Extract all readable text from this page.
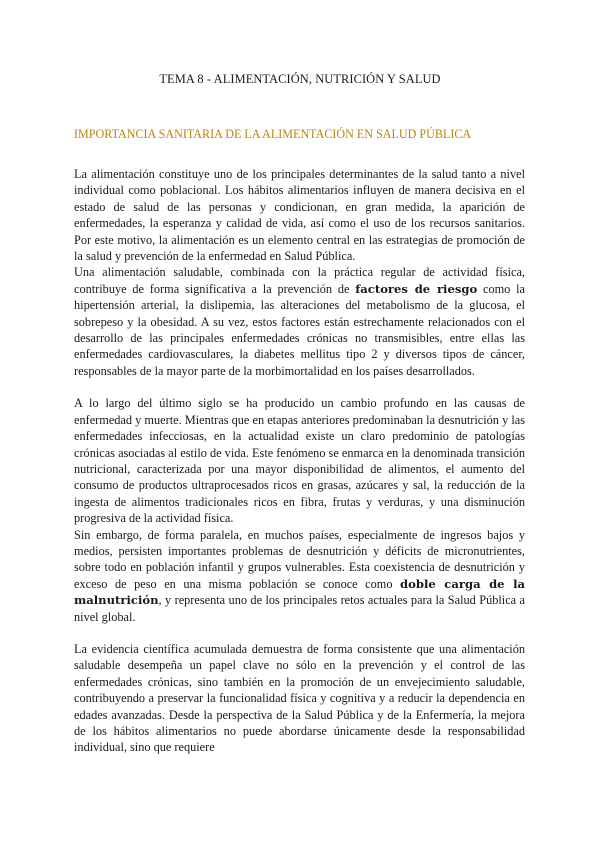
TEMA 8 - ALIMENTACIÓN, NUTRICIÓN Y SALUD
IMPORTANCIA SANITARIA DE LA ALIMENTACIÓN EN SALUD PÚBLICA

La alimentación constituye uno de los principales determinantes de la salud tanto a nivel individual como poblacional. Los hábitos alimentarios influyen de manera decisiva en el estado de salud de las personas y condicionan, en gran medida, la aparición de enfermedades, la esperanza y calidad de vida, así como el uso de los recursos sanitarios. Por este motivo, la alimentación es un elemento central en las estrategias de promoción de la salud y prevención de la enfermedad en Salud Pública.

Una alimentación saludable, combinada con la práctica regular de actividad física, contribuye de forma significativa a la prevención de factores de riesgo como la hipertensión arterial, la dislipemia, las alteraciones del metabolismo de la glucosa, el sobrepeso y la obesidad. A su vez, estos factores están estrechamente relacionados con el desarrollo de las principales enfermedades crónicas no transmisibles, entre ellas las enfermedades cardiovasculares, la diabetes mellitus tipo 2 y diversos tipos de cáncer, responsables de la mayor parte de la morbimortalidad en los países desarrollados.

A lo largo del último siglo se ha producido un cambio profundo en las causas de enfermedad y muerte. Mientras que en etapas anteriores predominaban la desnutrición y las enfermedades infecciosas, en la actualidad existe un claro predominio de patologías crónicas asociadas al estilo de vida. Este fenómeno se enmarca en la denominada transición nutricional, caracterizada por una mayor disponibilidad de alimentos, el aumento del consumo de productos ultraprocesados ricos en grasas, azúcares y sal, la reducción de la ingesta de alimentos tradicionales ricos en fibra, frutas y verduras, y una disminución progresiva de la actividad física.

Sin embargo, de forma paralela, en muchos países, especialmente de ingresos bajos y medios, persisten importantes problemas de desnutrición y déficits de micronutrientes, sobre todo en población infantil y grupos vulnerables. Esta coexistencia de desnutrición y exceso de peso en una misma población se conoce como doble carga de la malnutrición, y representa uno de los principales retos actuales para la Salud Pública a nivel global.

La evidencia científica acumulada demuestra de forma consistente que una alimentación saludable desempeña un papel clave no sólo en la prevención y el control de las enfermedades crónicas, sino también en la promoción de un envejecimiento saludable, contribuyendo a preservar la funcionalidad física y cognitiva y a reducir la dependencia en edades avanzadas. Desde la perspectiva de la Salud Pública y de la Enfermería, la mejora de los hábitos alimentarios no puede abordarse únicamente desde la responsabilidad individual, sino que requiere
